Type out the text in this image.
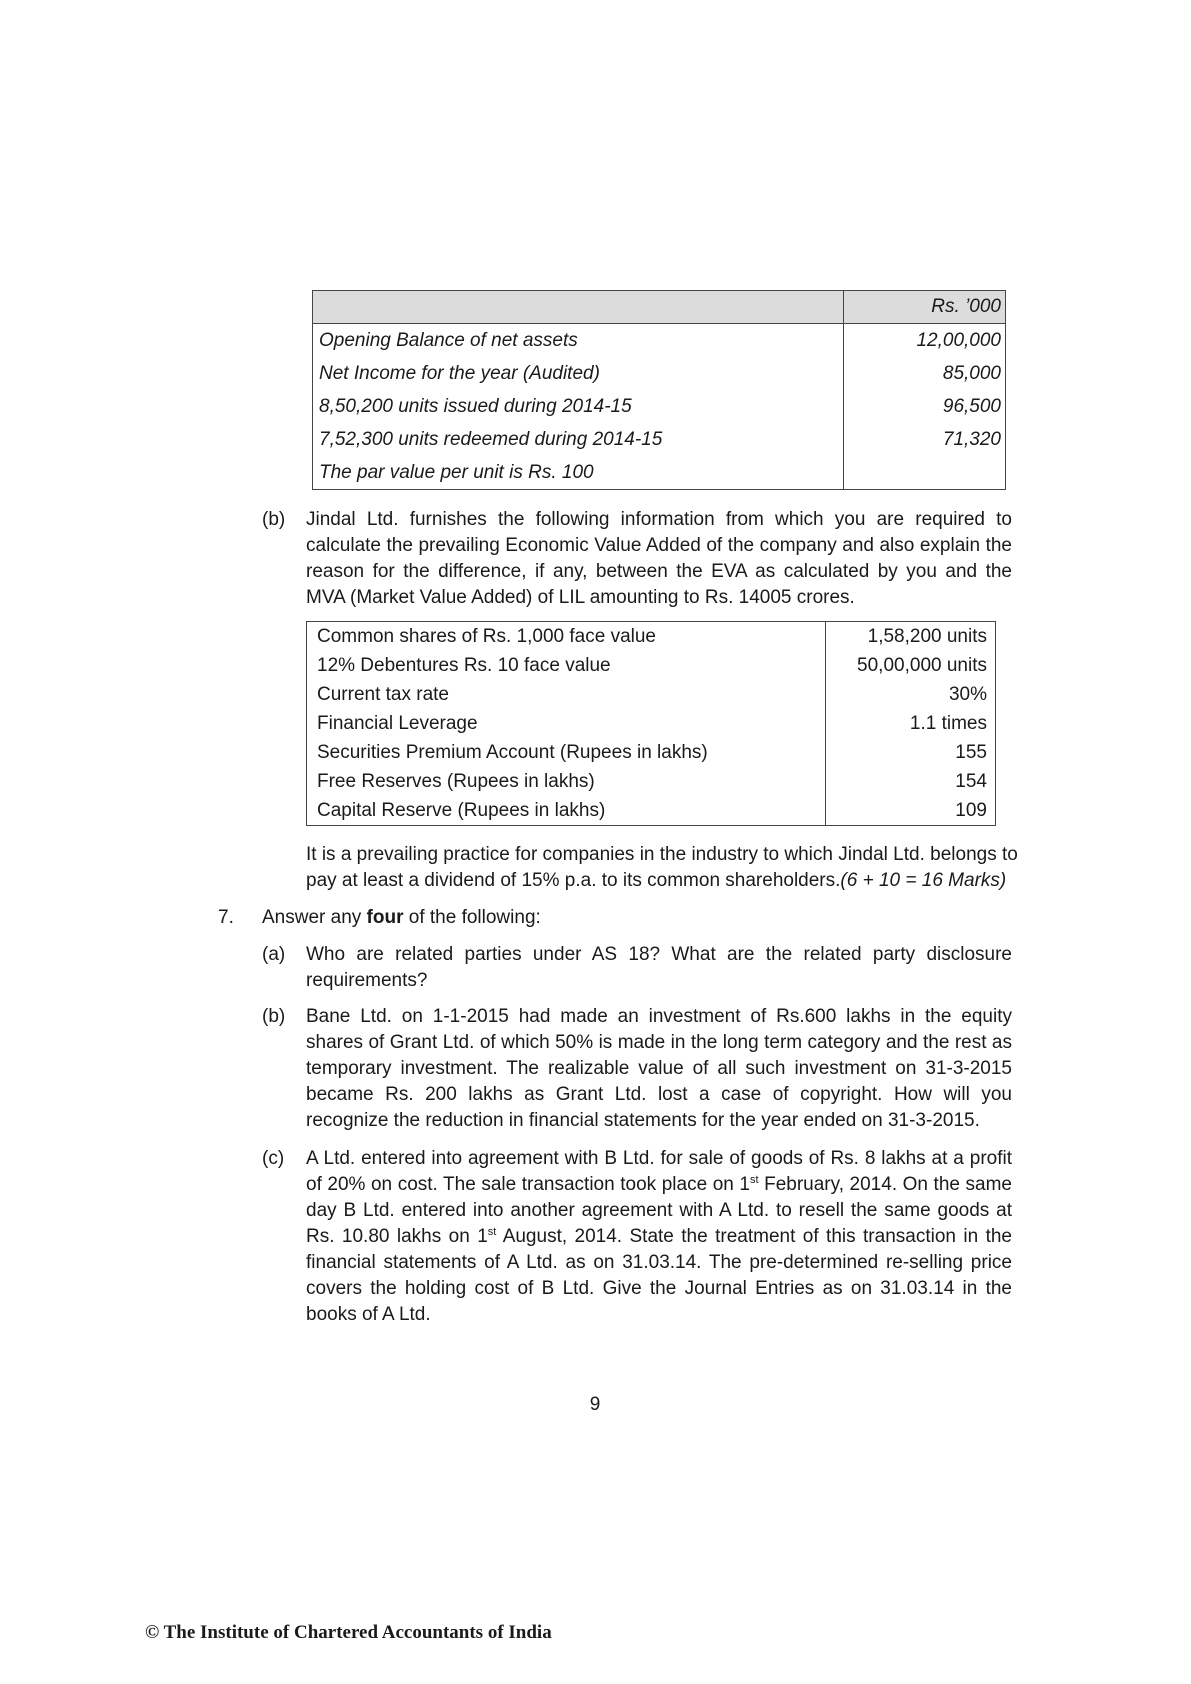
	Rs. ’000
Opening Balance of net assets	12,00,000
Net Income for the year (Audited)	85,000
8,50,200 units issued during 2014-15	96,500
7,52,300 units redeemed during 2014-15	71,320
The par value per unit is Rs. 100	
(b) Jindal Ltd. furnishes the following information from which you are required to calculate the prevailing Economic Value Added of the company and also explain the reason for the difference, if any, between the EVA as calculated by you and the MVA (Market Value Added) of LIL amounting to Rs. 14005 crores.
Common shares of Rs. 1,000 face value	1,58,200 units
12% Debentures Rs. 10 face value	50,00,000 units
Current tax rate	30%
Financial Leverage	1.1 times
Securities Premium Account (Rupees in lakhs)	155
Free Reserves (Rupees in lakhs)	154
Capital Reserve (Rupees in lakhs)	109
It is a prevailing practice for companies in the industry to which Jindal Ltd. belongs to pay at least a dividend of 15% p.a. to its common shareholders.(6 + 10 = 16 Marks)
7. Answer any four of the following:
(a) Who are related parties under AS 18? What are the related party disclosure requirements?
(b) Bane Ltd. on 1-1-2015 had made an investment of Rs.600 lakhs in the equity shares of Grant Ltd. of which 50% is made in the long term category and the rest as temporary investment. The realizable value of all such investment on 31-3-2015 became Rs. 200 lakhs as Grant Ltd. lost a case of copyright. How will you recognize the reduction in financial statements for the year ended on 31-3-2015.
(c) A Ltd. entered into agreement with B Ltd. for sale of goods of Rs. 8 lakhs at a profit of 20% on cost. The sale transaction took place on 1st February, 2014. On the same day B Ltd. entered into another agreement with A Ltd. to resell the same goods at Rs. 10.80 lakhs on 1st August, 2014. State the treatment of this transaction in the financial statements of A Ltd. as on 31.03.14. The pre-determined re-selling price covers the holding cost of B Ltd. Give the Journal Entries as on 31.03.14 in the books of A Ltd.
9
© The Institute of Chartered Accountants of India
